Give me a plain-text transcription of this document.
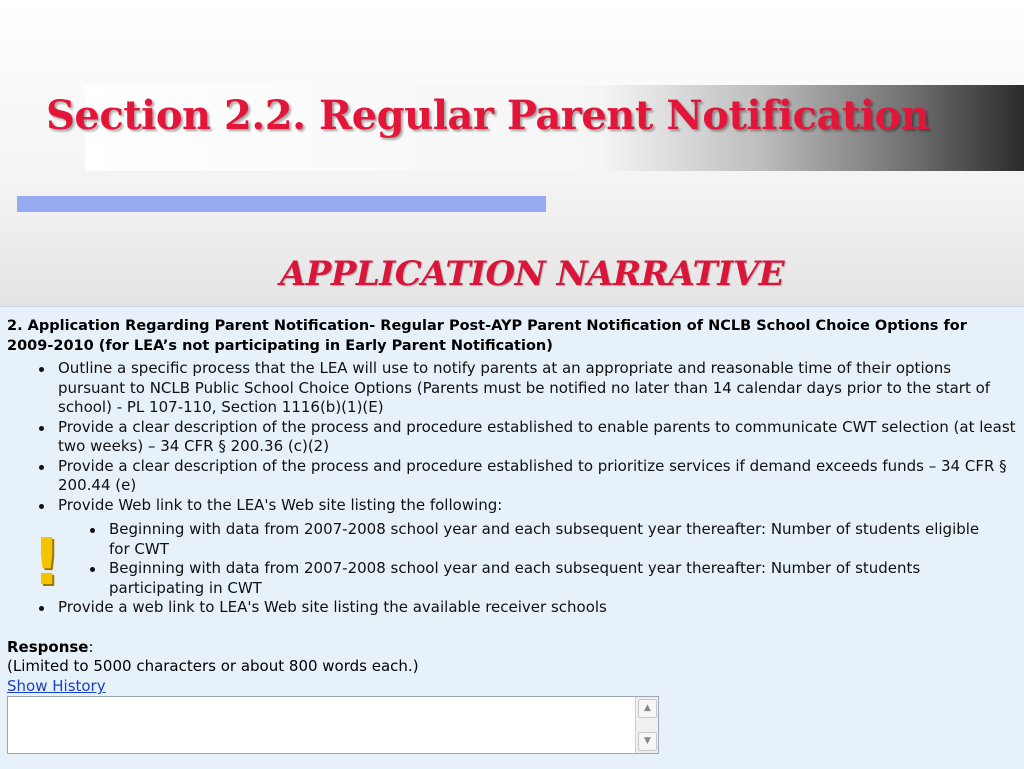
Section 2.2. Regular Parent Notification
APPLICATION NARRATIVE

2. Application Regarding Parent Notification- Regular Post-AYP Parent Notification of NCLB School Choice Options for 2009-2010 (for LEA’s not participating in Early Parent Notification)

Outline a specific process that the LEA will use to notify parents at an appropriate and reasonable time of their options pursuant to NCLB Public School Choice Options (Parents must be notified no later than 14 calendar days prior to the start of school) - PL 107-110, Section 1116(b)(1)(E)
Provide a clear description of the process and procedure established to enable parents to communicate CWT selection (at least two weeks) – 34 CFR § 200.36 (c)(2)
Provide a clear description of the process and procedure established to prioritize services if demand exceeds funds – 34 CFR § 200.44 (e)
Provide Web link to the LEA's Web site listing the following:
Beginning with data from 2007-2008 school year and each subsequent year thereafter: Number of students eligible for CWT
Beginning with data from 2007-2008 school year and each subsequent year thereafter: Number of students participating in CWT
Provide a web link to LEA's Web site listing the available receiver schools
!
Response:
(Limited to 5000 characters or about 800 words each.)
Show History
▲
▼
